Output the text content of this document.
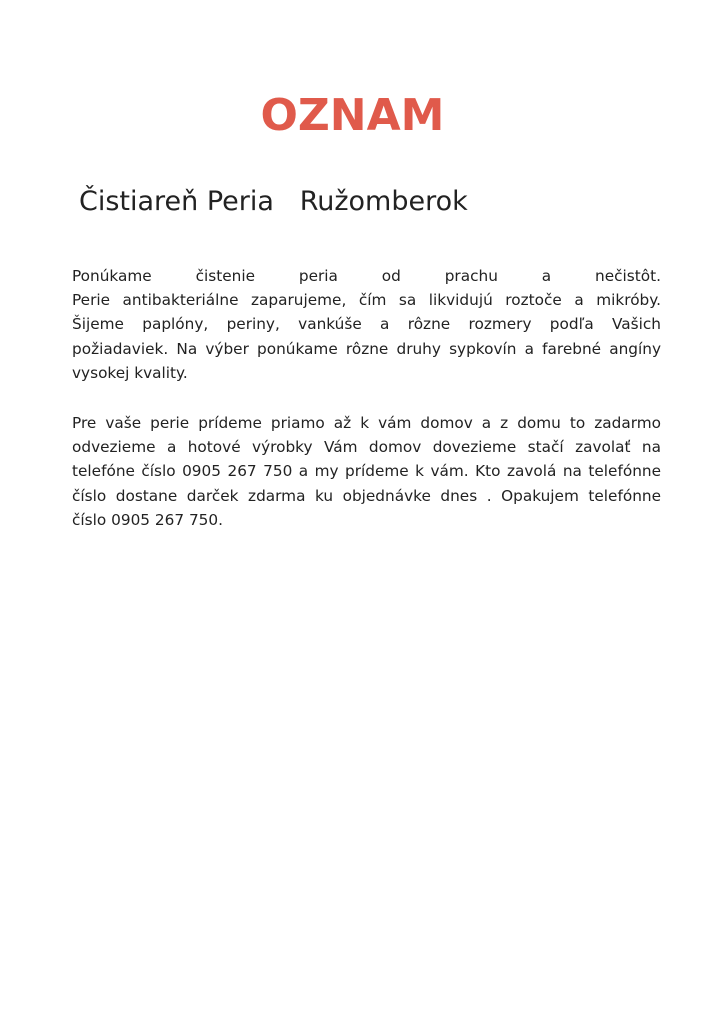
OZNAM
Čistiareň Peria   Ružomberok
Ponúkame čistenie peria od prachu a nečistôt.
Perie antibakteriálne zaparujeme, čím sa likvidujú roztoče a mikróby.
Šijeme paplóny, periny, vankúše a rôzne rozmery podľa Vašich
požiadaviek. Na výber ponúkame rôzne druhy sypkovín a farebné angíny
vysokej kvality.
Pre vaše perie prídeme priamo až k vám domov a z domu to zadarmo
odvezieme a hotové výrobky Vám domov dovezieme stačí zavolať na
telefóne číslo 0905 267 750 a my prídeme k vám. Kto zavolá na telefónne
číslo dostane darček zdarma ku objednávke dnes . Opakujem telefónne
číslo 0905 267 750.
